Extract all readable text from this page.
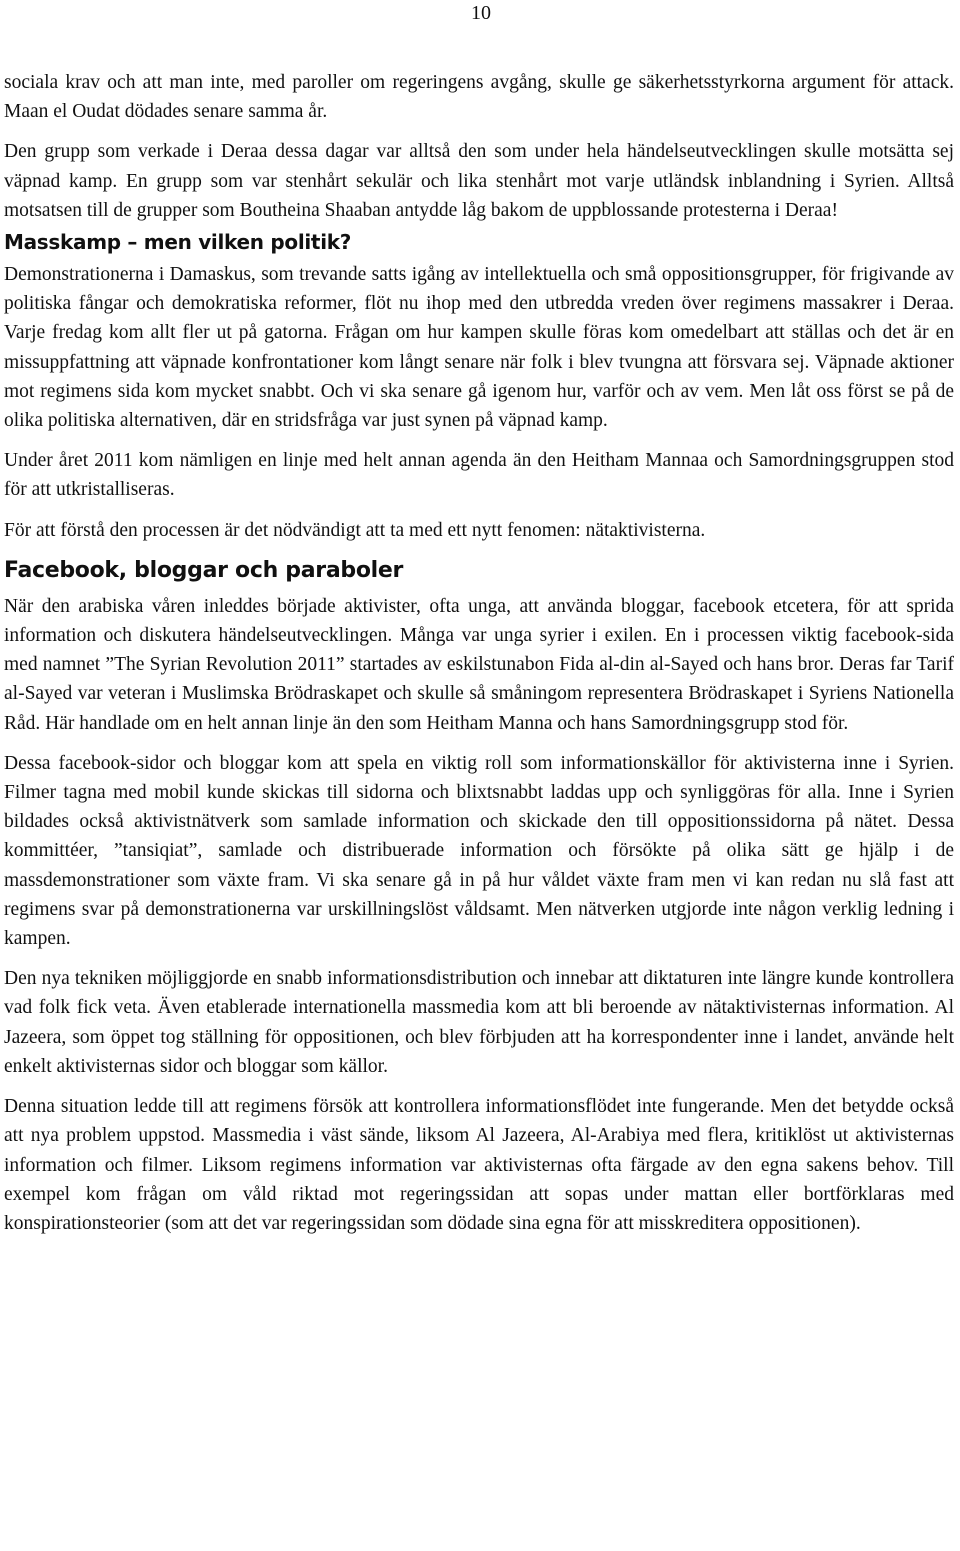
10

sociala krav och att man inte, med paroller om regeringens avgång, skulle ge säkerhetsstyrkorna argument för attack. Maan el Oudat dödades senare samma år.

Den grupp som verkade i Deraa dessa dagar var alltså den som under hela händelseutvecklingen skulle motsätta sej väpnad kamp. En grupp som var stenhårt sekulär och lika stenhårt mot varje utländsk inblandning i Syrien. Alltså motsatsen till de grupper som Boutheina Shaaban antydde låg bakom de uppblossande protesterna i Deraa!

Masskamp – men vilken politik?

Demonstrationerna i Damaskus, som trevande satts igång av intellektuella och små oppositionsgrupper, för frigivande av politiska fångar och demokratiska reformer, flöt nu ihop med den utbredda vreden över regimens massakrer i Deraa. Varje fredag kom allt fler ut på gatorna. Frågan om hur kampen skulle föras kom omedelbart att ställas och det är en missuppfattning att väpnade konfrontationer kom långt senare när folk i blev tvungna att försvara sej. Väpnade aktioner mot regimens sida kom mycket snabbt. Och vi ska senare gå igenom hur, varför och av vem. Men låt oss först se på de olika politiska alternativen, där en stridsfråga var just synen på väpnad kamp.

Under året 2011 kom nämligen en linje med helt annan agenda än den Heitham Mannaa och Samordningsgruppen stod för att utkristalliseras.

För att förstå den processen är det nödvändigt att ta med ett nytt fenomen: nätaktivisterna.

Facebook, bloggar och paraboler

När den arabiska våren inleddes började aktivister, ofta unga, att använda bloggar, facebook etcetera, för att sprida information och diskutera händelseutvecklingen. Många var unga syrier i exilen. En i processen viktig facebook-sida med namnet ”The Syrian Revolution 2011” startades av eskilstunabon Fida al-din al-Sayed och hans bror. Deras far Tarif al-Sayed var veteran i Muslimska Brödraskapet och skulle så småningom representera Brödraskapet i Syriens Nationella Råd. Här handlade om en helt annan linje än den som Heitham Manna och hans Samordningsgrupp stod för.

Dessa facebook-sidor och bloggar kom att spela en viktig roll som informationskällor för aktivisterna inne i Syrien. Filmer tagna med mobil kunde skickas till sidorna och blixtsnabbt laddas upp och synliggöras för alla. Inne i Syrien bildades också aktivistnätverk som samlade information och skickade den till oppositionssidorna på nätet. Dessa kommittéer, ”tansiqiat”, samlade och distribuerade information och försökte på olika sätt ge hjälp i de massdemonstrationer som växte fram. Vi ska senare gå in på hur våldet växte fram men vi kan redan nu slå fast att regimens svar på demonstrationerna var urskillningslöst våldsamt. Men nätverken utgjorde inte någon verklig ledning i kampen.

Den nya tekniken möjliggjorde en snabb informationsdistribution och innebar att diktaturen inte längre kunde kontrollera vad folk fick veta. Även etablerade internationella massmedia kom att bli beroende av nätaktivisternas information. Al Jazeera, som öppet tog ställning för oppositionen, och blev förbjuden att ha korrespondenter inne i landet, använde helt enkelt aktivisternas sidor och bloggar som källor.

Denna situation ledde till att regimens försök att kontrollera informationsflödet inte fungerande. Men det betydde också att nya problem uppstod. Massmedia i väst sände, liksom Al Jazeera, Al-Arabiya med flera, kritiklöst ut aktivisternas information och filmer. Liksom regimens information var aktivisternas ofta färgade av den egna sakens behov. Till exempel kom frågan om våld riktad mot regeringssidan att sopas under mattan eller bortförklaras med konspirationsteorier (som att det var regeringssidan som dödade sina egna för att misskreditera oppositionen).
